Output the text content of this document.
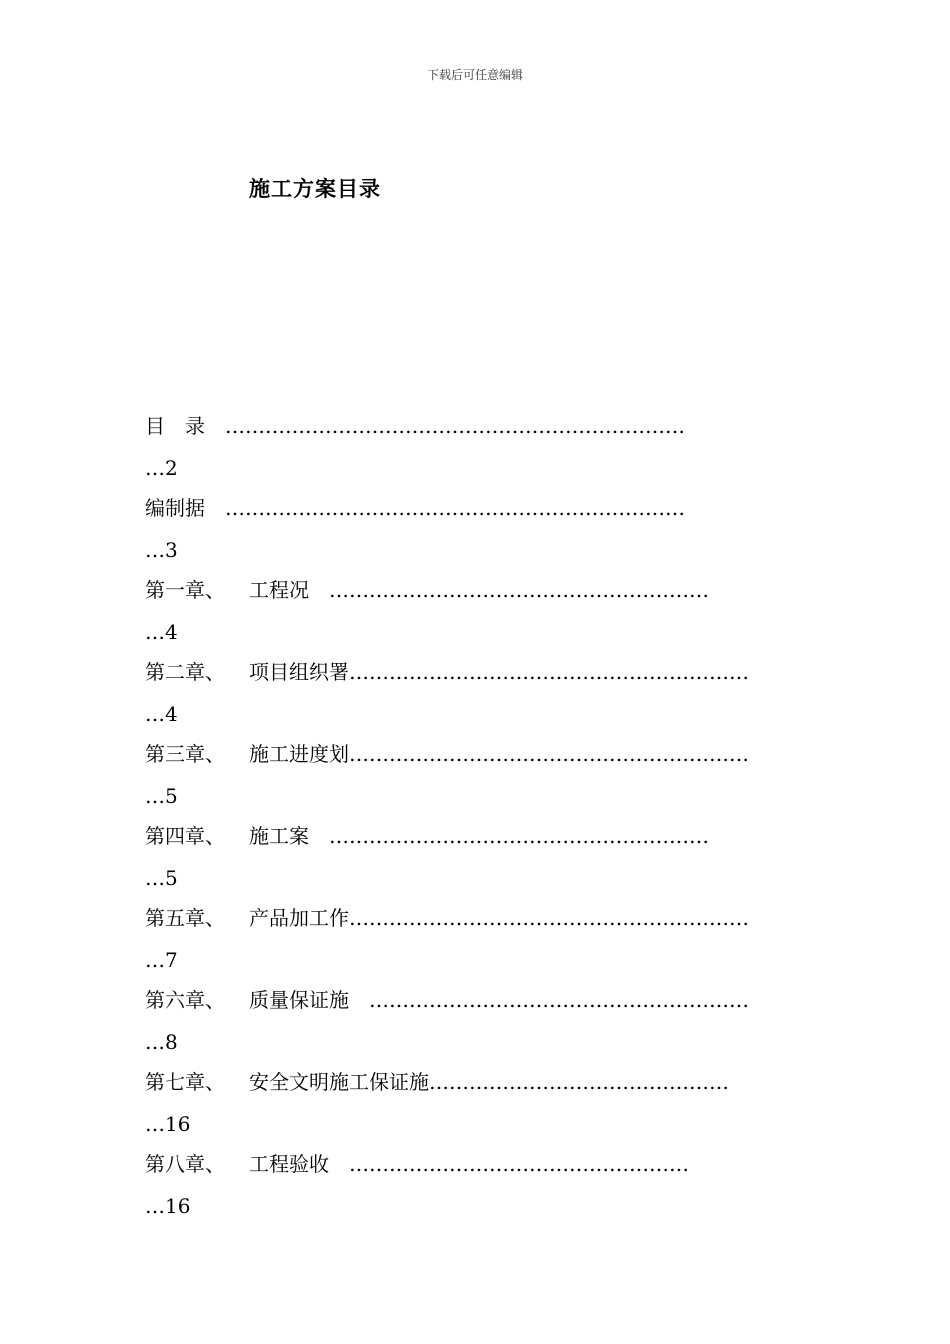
下载后可任意编辑
施工方案目录
目　录　 ……………………………………………………………
…2
编制据　 ……………………………………………………………
…3
第一章、 工程况　 …………………………………………………
…4
第二章、 项目组织署……………………………………………………
…4
第三章、 施工进度划……………………………………………………
…5
第四章、 施工案　 …………………………………………………
…5
第五章、 产品加工作……………………………………………………
…7
第六章、 质量保证施　 …………………………………………………
…8
第七章、 安全文明施工保证施………………………………………
…16
第八章、 工程验收　 ……………………………………………
…16
